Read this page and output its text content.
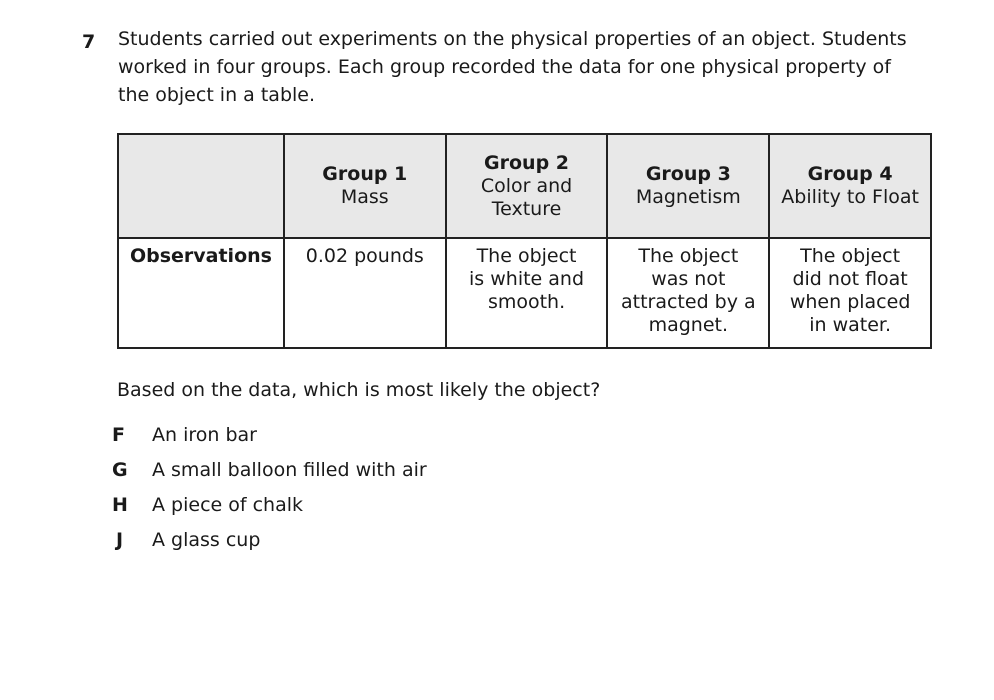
7 Students carried out experiments on the physical properties of an object. Students
worked in four groups. Each group recorded the data for one physical property of
the object in a table.

	Group 1
Mass	Group 2
Color and
Texture	Group 3
Magnetism	Group 4
Ability to Float

Observations	0.02 pounds	The object
is white and
smooth.	The object
was not
attracted by a
magnet.	The object
did not float
when placed
in water.

Based on the data, which is most likely the object?

F An iron bar
G A small balloon filled with air
H A piece of chalk
J A glass cup
